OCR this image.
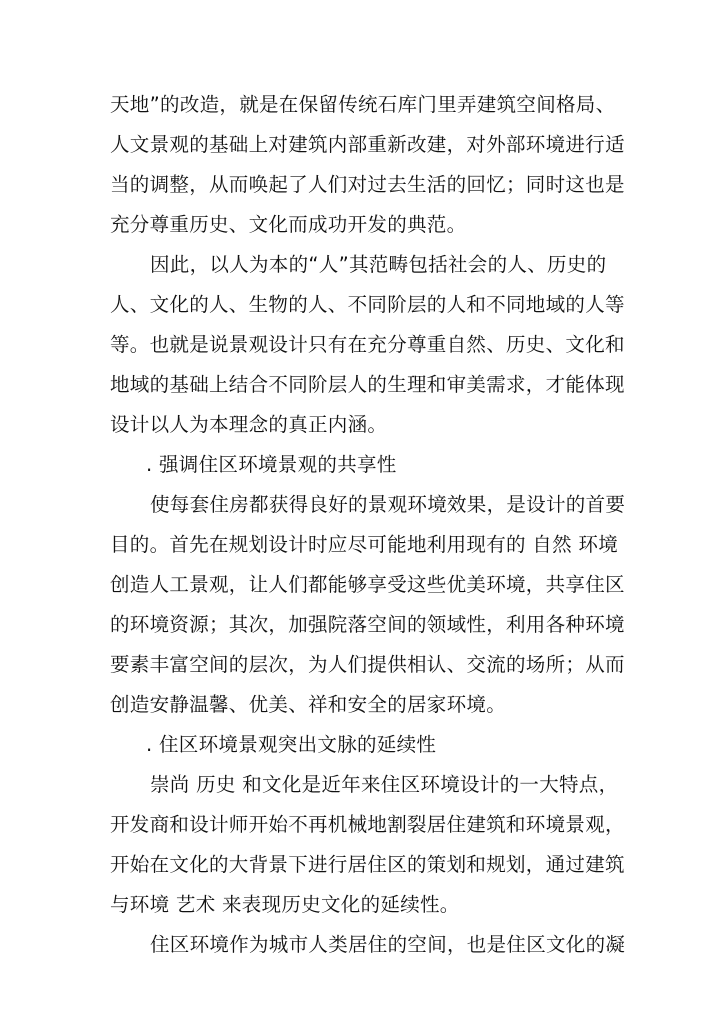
天地”的改造，就是在保留传统石库门里弄建筑空间格局、
人文景观的基础上对建筑内部重新改建，对外部环境进行适
当的调整，从而唤起了人们对过去生活的回忆；同时这也是
充分尊重历史、文化而成功开发的典范。
因此，以人为本的“人”其范畴包括社会的人、历史的
人、文化的人、生物的人、不同阶层的人和不同地域的人等
等。也就是说景观设计只有在充分尊重自然、历史、文化和
地域的基础上结合不同阶层人的生理和审美需求，才能体现
设计以人为本理念的真正内涵。
. 强调住区环境景观的共享性
使每套住房都获得良好的景观环境效果，是设计的首要
目的。首先在规划设计时应尽可能地利用现有的 自然 环境
创造人工景观，让人们都能够享受这些优美环境，共享住区
的环境资源；其次，加强院落空间的领域性，利用各种环境
要素丰富空间的层次，为人们提供相认、交流的场所；从而
创造安静温馨、优美、祥和安全的居家环境。
. 住区环境景观突出文脉的延续性
崇尚 历史 和文化是近年来住区环境设计的一大特点，
开发商和设计师开始不再机械地割裂居住建筑和环境景观，
开始在文化的大背景下进行居住区的策划和规划，通过建筑
与环境 艺术 来表现历史文化的延续性。
住区环境作为城市人类居住的空间，也是住区文化的凝
